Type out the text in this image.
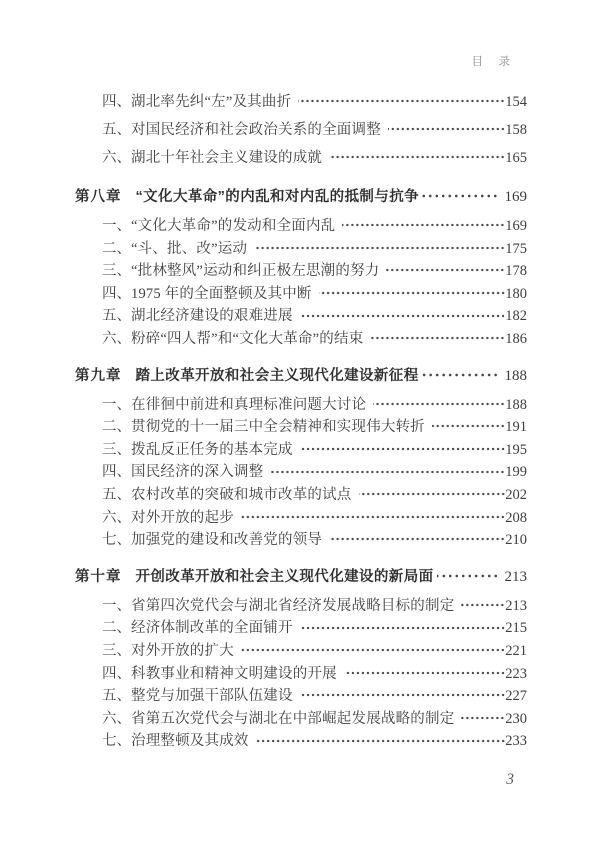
目　录
四、 湖北率先纠“左”及其曲折	154
五、 对国民经济和社会政治关系的全面调整	158
六、 湖北十年社会主义建设的成就	165
第八章 “文化大革命”的内乱和对内乱的抵制与抗争	169
一、 “文化大革命”的发动和全面内乱	169
二、 “斗、批、改”运动	175
三、 “批林整风”运动和纠正极左思潮的努力	178
四、 1975 年的全面整顿及其中断	180
五、 湖北经济建设的艰难进展	182
六、 粉碎“四人帮”和“文化大革命”的结束	186
第九章 踏上改革开放和社会主义现代化建设新征程	188
一、 在徘徊中前进和真理标准问题大讨论	188
二、 贯彻党的十一届三中全会精神和实现伟大转折	191
三、 拨乱反正任务的基本完成	195
四、 国民经济的深入调整	199
五、 农村改革的突破和城市改革的试点	202
六、 对外开放的起步	208
七、 加强党的建设和改善党的领导	210
第十章 开创改革开放和社会主义现代化建设的新局面	213
一、 省第四次党代会与湖北省经济发展战略目标的制定	213
二、 经济体制改革的全面铺开	215
三、 对外开放的扩大	221
四、 科教事业和精神文明建设的开展	223
五、 整党与加强干部队伍建设	227
六、 省第五次党代会与湖北在中部崛起发展战略的制定	230
七、 治理整顿及其成效	233
3
